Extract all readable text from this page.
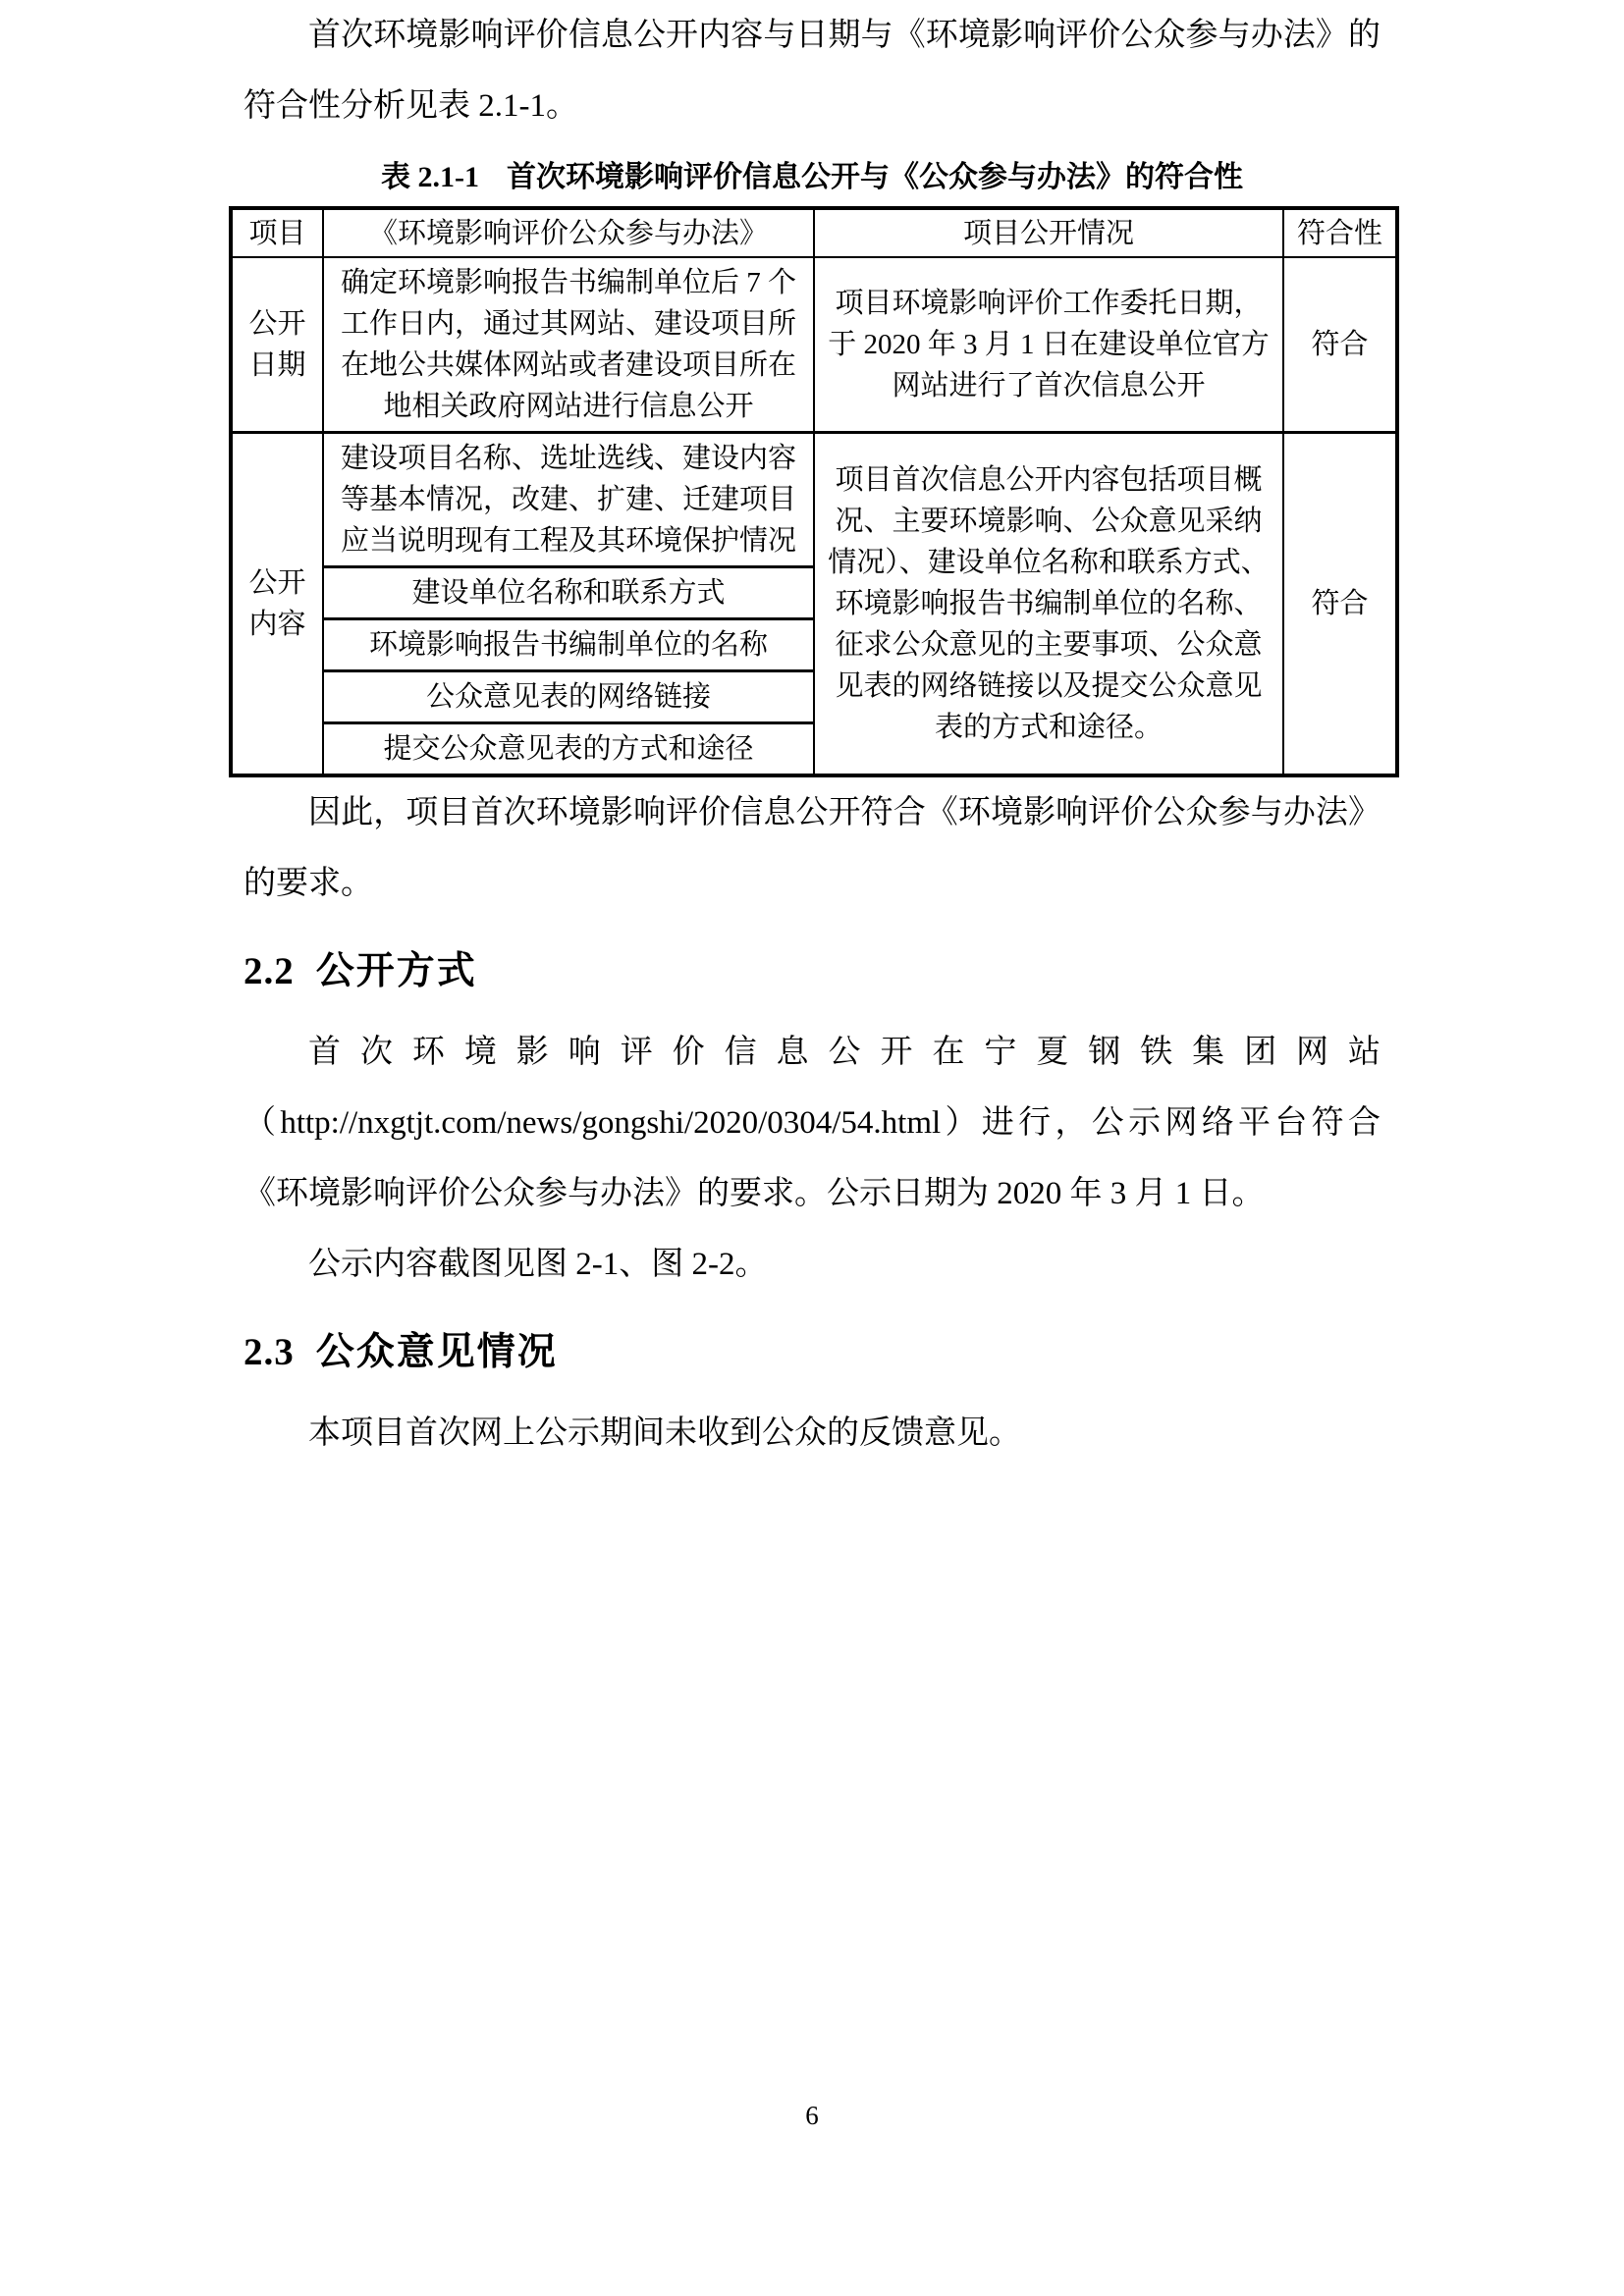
首次环境影响评价信息公开内容与日期与《环境影响评价公众参与办法》的符合性分析见表 2.1-1。

表 2.1-1 首次环境影响评价信息公开与《公众参与办法》的符合性
项目	《环境影响评价公众参与办法》	项目公开情况	符合性
公开日期	确定环境影响报告书编制单位后 7 个工作日内，通过其网站、建设项目所在地公共媒体网站或者建设项目所在地相关政府网站进行信息公开	项目环境影响评价工作委托日期，于 2020 年 3 月 1 日在建设单位官方网站进行了首次信息公开	符合
公开内容	建设项目名称、选址选线、建设内容等基本情况，改建、扩建、迁建项目应当说明现有工程及其环境保护情况	项目首次信息公开内容包括项目概况、主要环境影响、公众意见采纳情况）、建设单位名称和联系方式、环境影响报告书编制单位的名称、征求公众意见的主要事项、公众意见表的网络链接以及提交公众意见表的方式和途径。	符合
	建设单位名称和联系方式		
	环境影响报告书编制单位的名称		
	公众意见表的网络链接		
	提交公众意见表的方式和途径		

因此，项目首次环境影响评价信息公开符合《环境影响评价公众参与办法》的要求。

2.2 公开方式

首次环境影响评价信息公开在宁夏钢铁集团网站（http://nxgtjt.com/news/gongshi/2020/0304/54.html）进行，公示网络平台符合《环境影响评价公众参与办法》的要求。公示日期为 2020 年 3 月 1 日。

公示内容截图见图 2-1、图 2-2。

2.3 公众意见情况

本项目首次网上公示期间未收到公众的反馈意见。

6
